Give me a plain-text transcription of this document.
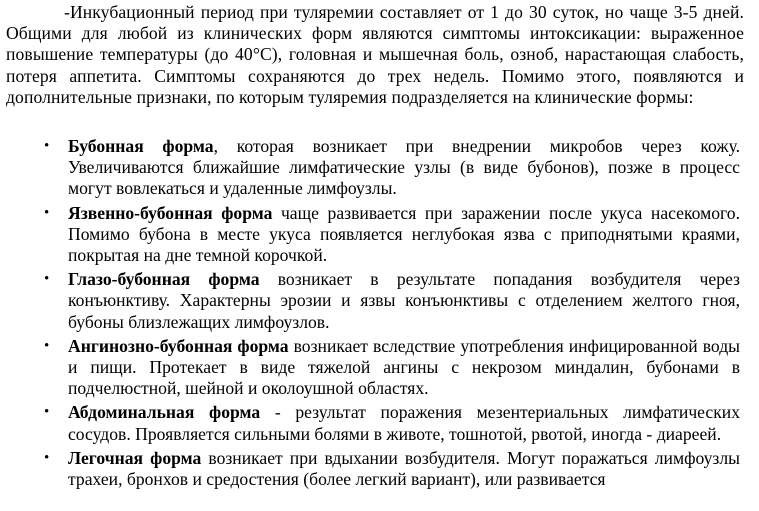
-Инкубационный период при туляремии составляет от 1 до 30 суток, но чаще 3-5 дней. Общими для любой из клинических форм являются симптомы интоксикации: выраженное повышение температуры (до 40°С), головная и мышечная боль, озноб, нарастающая слабость, потеря аппетита. Симптомы сохраняются до трех недель. Помимо этого, появляются и дополнительные признаки, по которым туляремия подразделяется на клинические формы:

• Бубонная форма, которая возникает при внедрении микробов через кожу. Увеличиваются ближайшие лимфатические узлы (в виде бубонов), позже в процесс могут вовлекаться и удаленные лимфоузлы.
• Язвенно-бубонная форма чаще развивается при заражении после укуса насекомого. Помимо бубона в месте укуса появляется неглубокая язва с приподнятыми краями, покрытая на дне темной корочкой.
• Глазо-бубонная форма возникает в результате попадания возбудителя через конъюнктиву. Характерны эрозии и язвы конъюнктивы с отделением желтого гноя, бубоны близлежащих лимфоузлов.
• Ангинозно-бубонная форма возникает вследствие употребления инфицированной воды и пищи. Протекает в виде тяжелой ангины с некрозом миндалин, бубонами в подчелюстной, шейной и околоушной областях.
• Абдоминальная форма - результат поражения мезентериальных лимфатических сосудов. Проявляется сильными болями в животе, тошнотой, рвотой, иногда - диареей.
• Легочная форма возникает при вдыхании возбудителя. Могут поражаться лимфоузлы трахеи, бронхов и средостения (более легкий вариант), или развивается
